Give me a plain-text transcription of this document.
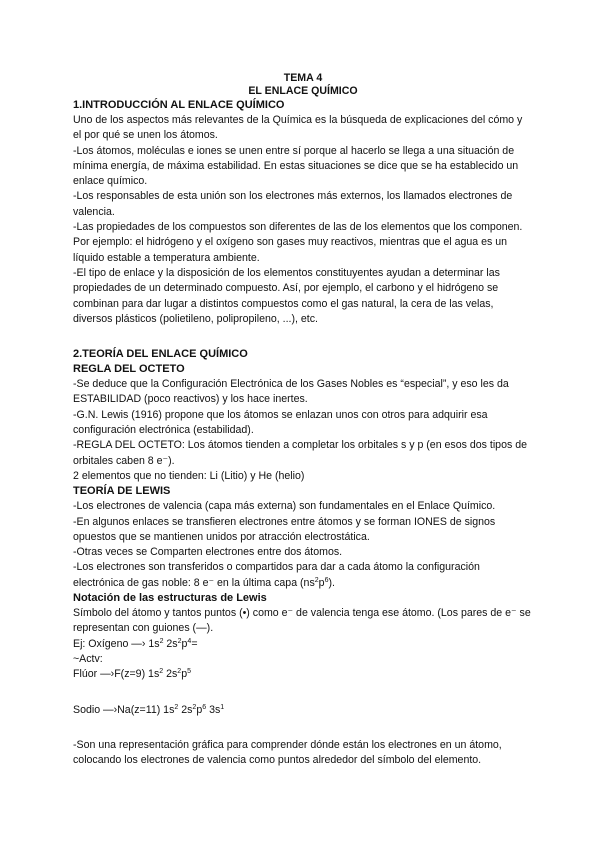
TEMA 4

EL ENLACE QUÍMICO

1.INTRODUCCIÓN AL ENLACE QUÍMICO

Uno de los aspectos más relevantes de la Química es la búsqueda de explicaciones del cómo y el por qué se unen los átomos.

-Los átomos, moléculas e iones se unen entre sí porque al hacerlo se llega a una situación de mínima energía, de máxima estabilidad. En estas situaciones se dice que se ha establecido un enlace químico.

-Los responsables de esta unión son los electrones más externos, los llamados electrones de valencia.

-Las propiedades de los compuestos son diferentes de las de los elementos que los componen. Por ejemplo: el hidrógeno y el oxígeno son gases muy reactivos, mientras que el agua es un líquido estable a temperatura ambiente.

-El tipo de enlace y la disposición de los elementos constituyentes ayudan a determinar las propiedades de un determinado compuesto. Así, por ejemplo, el carbono y el hidrógeno se combinan para dar lugar a distintos compuestos como el gas natural, la cera de las velas, diversos plásticos (polietileno, polipropileno, ...), etc.

2.TEORÍA DEL ENLACE QUÍMICO

REGLA DEL OCTETO

-Se deduce que la Configuración Electrónica de los Gases Nobles es “especial”, y eso les da ESTABILIDAD (poco reactivos) y los hace inertes.

-G.N. Lewis (1916) propone que los átomos se enlazan unos con otros para adquirir esa configuración electrónica (estabilidad).

-REGLA DEL OCTETO: Los átomos tienden a completar los orbitales s y p (en esos dos tipos de orbitales caben 8 e⁻).

2 elementos que no tienden: Li (Litio) y He (helio)

TEORÍA DE LEWIS

-Los electrones de valencia (capa más externa) son fundamentales en el Enlace Químico.

-En algunos enlaces se transfieren electrones entre átomos y se forman IONES de signos opuestos que se mantienen unidos por atracción electrostática.

-Otras veces se Comparten electrones entre dos átomos.

-Los electrones son transferidos o compartidos para dar a cada átomo la configuración electrónica de gas noble: 8 e⁻ en la última capa $(ns^2p^6)$.

Notación de las estructuras de Lewis

Símbolo del átomo y tantos puntos (•) como e⁻ de valencia tenga ese átomo. (Los pares de e⁻ se representan con guiones (—).

Ej: Oxígeno —› $1s^2$ $2s^2p^4=$

~Actv:

Flúor —›F(z=9) $1s^2$ $2s^2p^5$

Sodio —›Na(z=11) $1s^2$ $2s^2p^6$ $3s^1$

-Son una representación gráfica para comprender dónde están los electrones en un átomo, colocando los electrones de valencia como puntos alrededor del símbolo del elemento.
